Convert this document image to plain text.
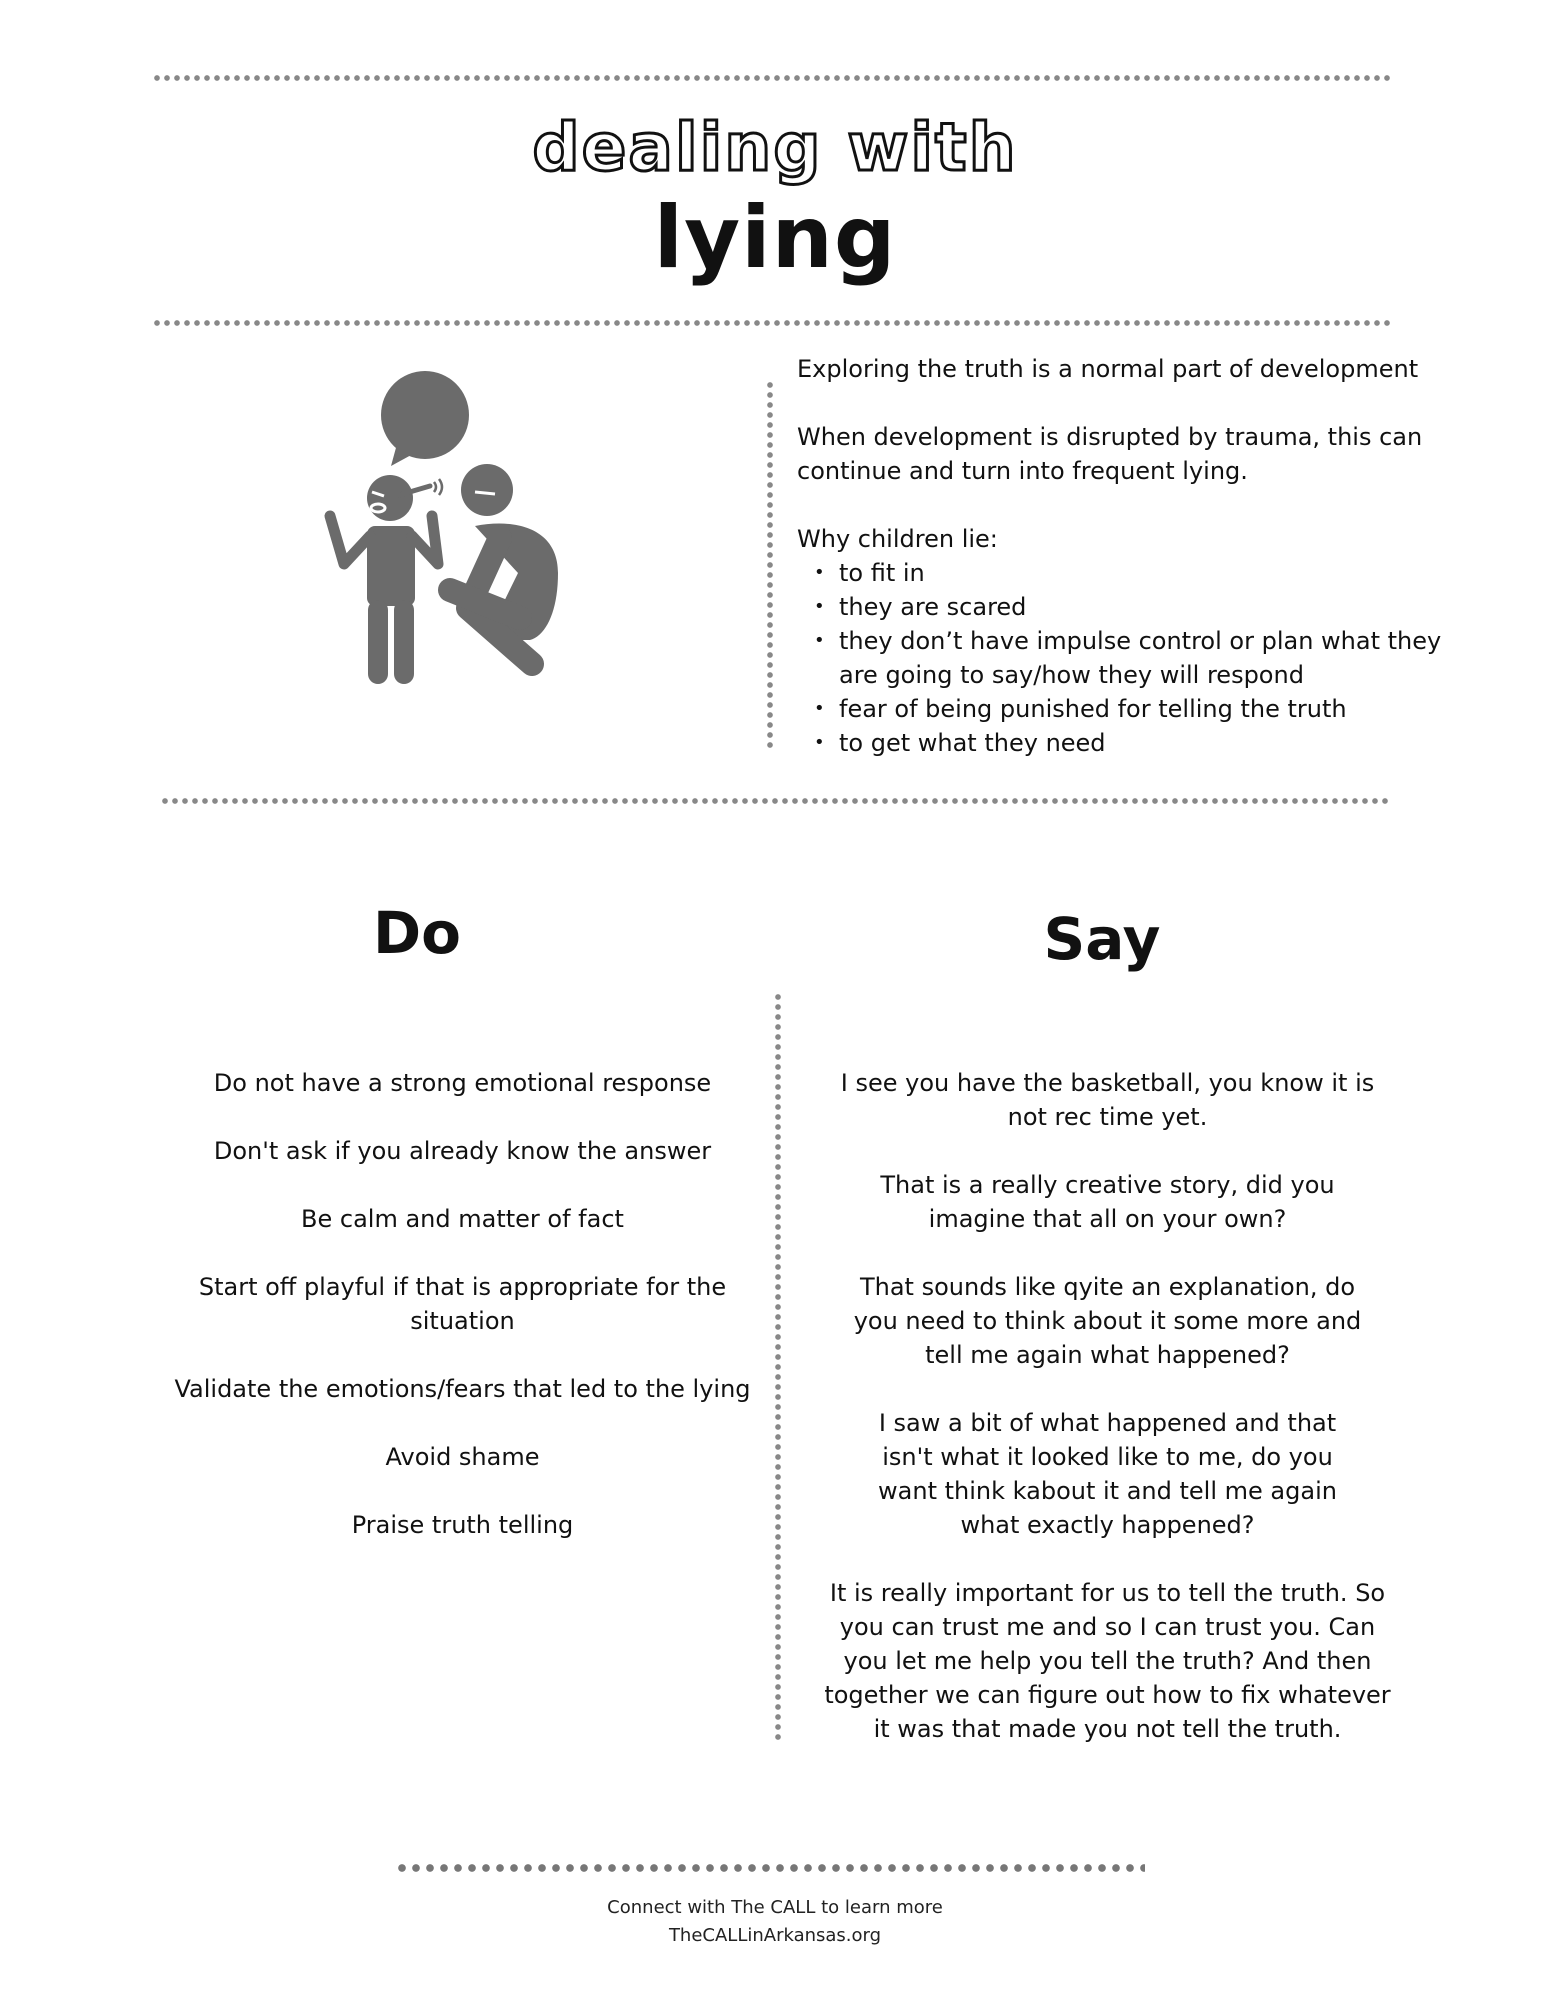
dealing with
lying

Exploring the truth is a normal part of development

When development is disrupted by trauma, this can continue and turn into frequent lying.

Why children lie:
• to fit in
• they are scared
• they don’t have impulse control or plan what they are going to say/how they will respond
• fear of being punished for telling the truth
• to get what they need
Do

Do not have a strong emotional response

Don't ask if you already know the answer

Be calm and matter of fact

Start off playful if that is appropriate for the situation

Validate the emotions/fears that led to the lying

Avoid shame

Praise truth telling

Say

I see you have the basketball, you know it is not rec time yet.

That is a really creative story, did you imagine that all on your own?

That sounds like qyite an explanation, do you need to think about it some more and tell me again what happened?

I saw a bit of what happened and that isn't what it looked like to me, do you want think kabout it and tell me again what exactly happened?

It is really important for us to tell the truth. So you can trust me and so I can trust you. Can you let me help you tell the truth? And then together we can figure out how to fix whatever it was that made you not tell the truth.

Connect with The CALL to learn more
TheCALLinArkansas.org
